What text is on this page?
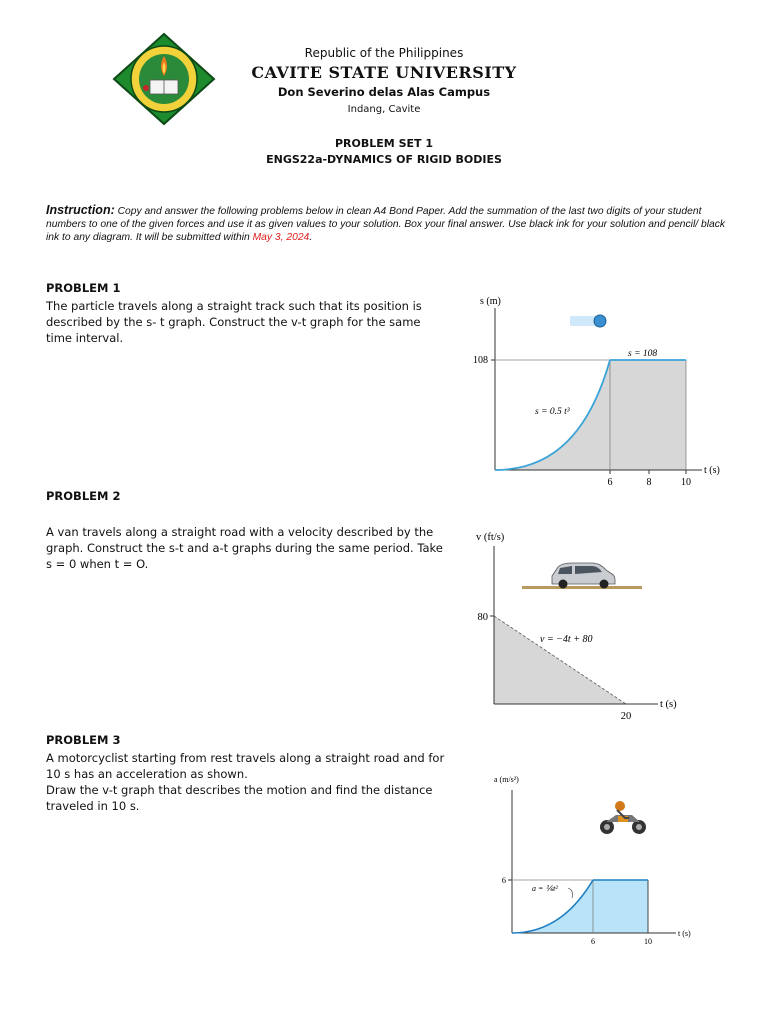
Republic of the Philippines
CAVITE STATE UNIVERSITY
Don Severino delas Alas Campus
Indang, Cavite
PROBLEM SET 1
ENGS22a-DYNAMICS OF RIGID BODIES
Instruction: Copy and answer the following problems below in clean A4 Bond Paper. Add the summation of the last two digits of your student numbers to one of the given forces and use it as given values to your solution. Box your final answer. Use black ink for your solution and pencil/ black ink to any diagram. It will be submitted within May 3, 2024.
PROBLEM 1
The particle travels along a straight track such that its position is described by the s- t graph. Construct the v-t graph for the same time interval.
PROBLEM 2
A van travels along a straight road with a velocity described by the graph. Construct the s-t and a-t graphs during the same period. Take s = 0 when t = O.
PROBLEM 3
A motorcyclist starting from rest travels along a straight road and for 10 s has an acceleration as shown.
Draw the v-t graph that describes the motion and find the distance traveled in 10 s.
s (m)
t (s)
108
6	8	10
s = 0.5 t³
s = 108
v (ft/s)
t (s)
80
20
v = −4t + 80
a (m/s²)
t (s)
6
6	10
a = ⅙t²
